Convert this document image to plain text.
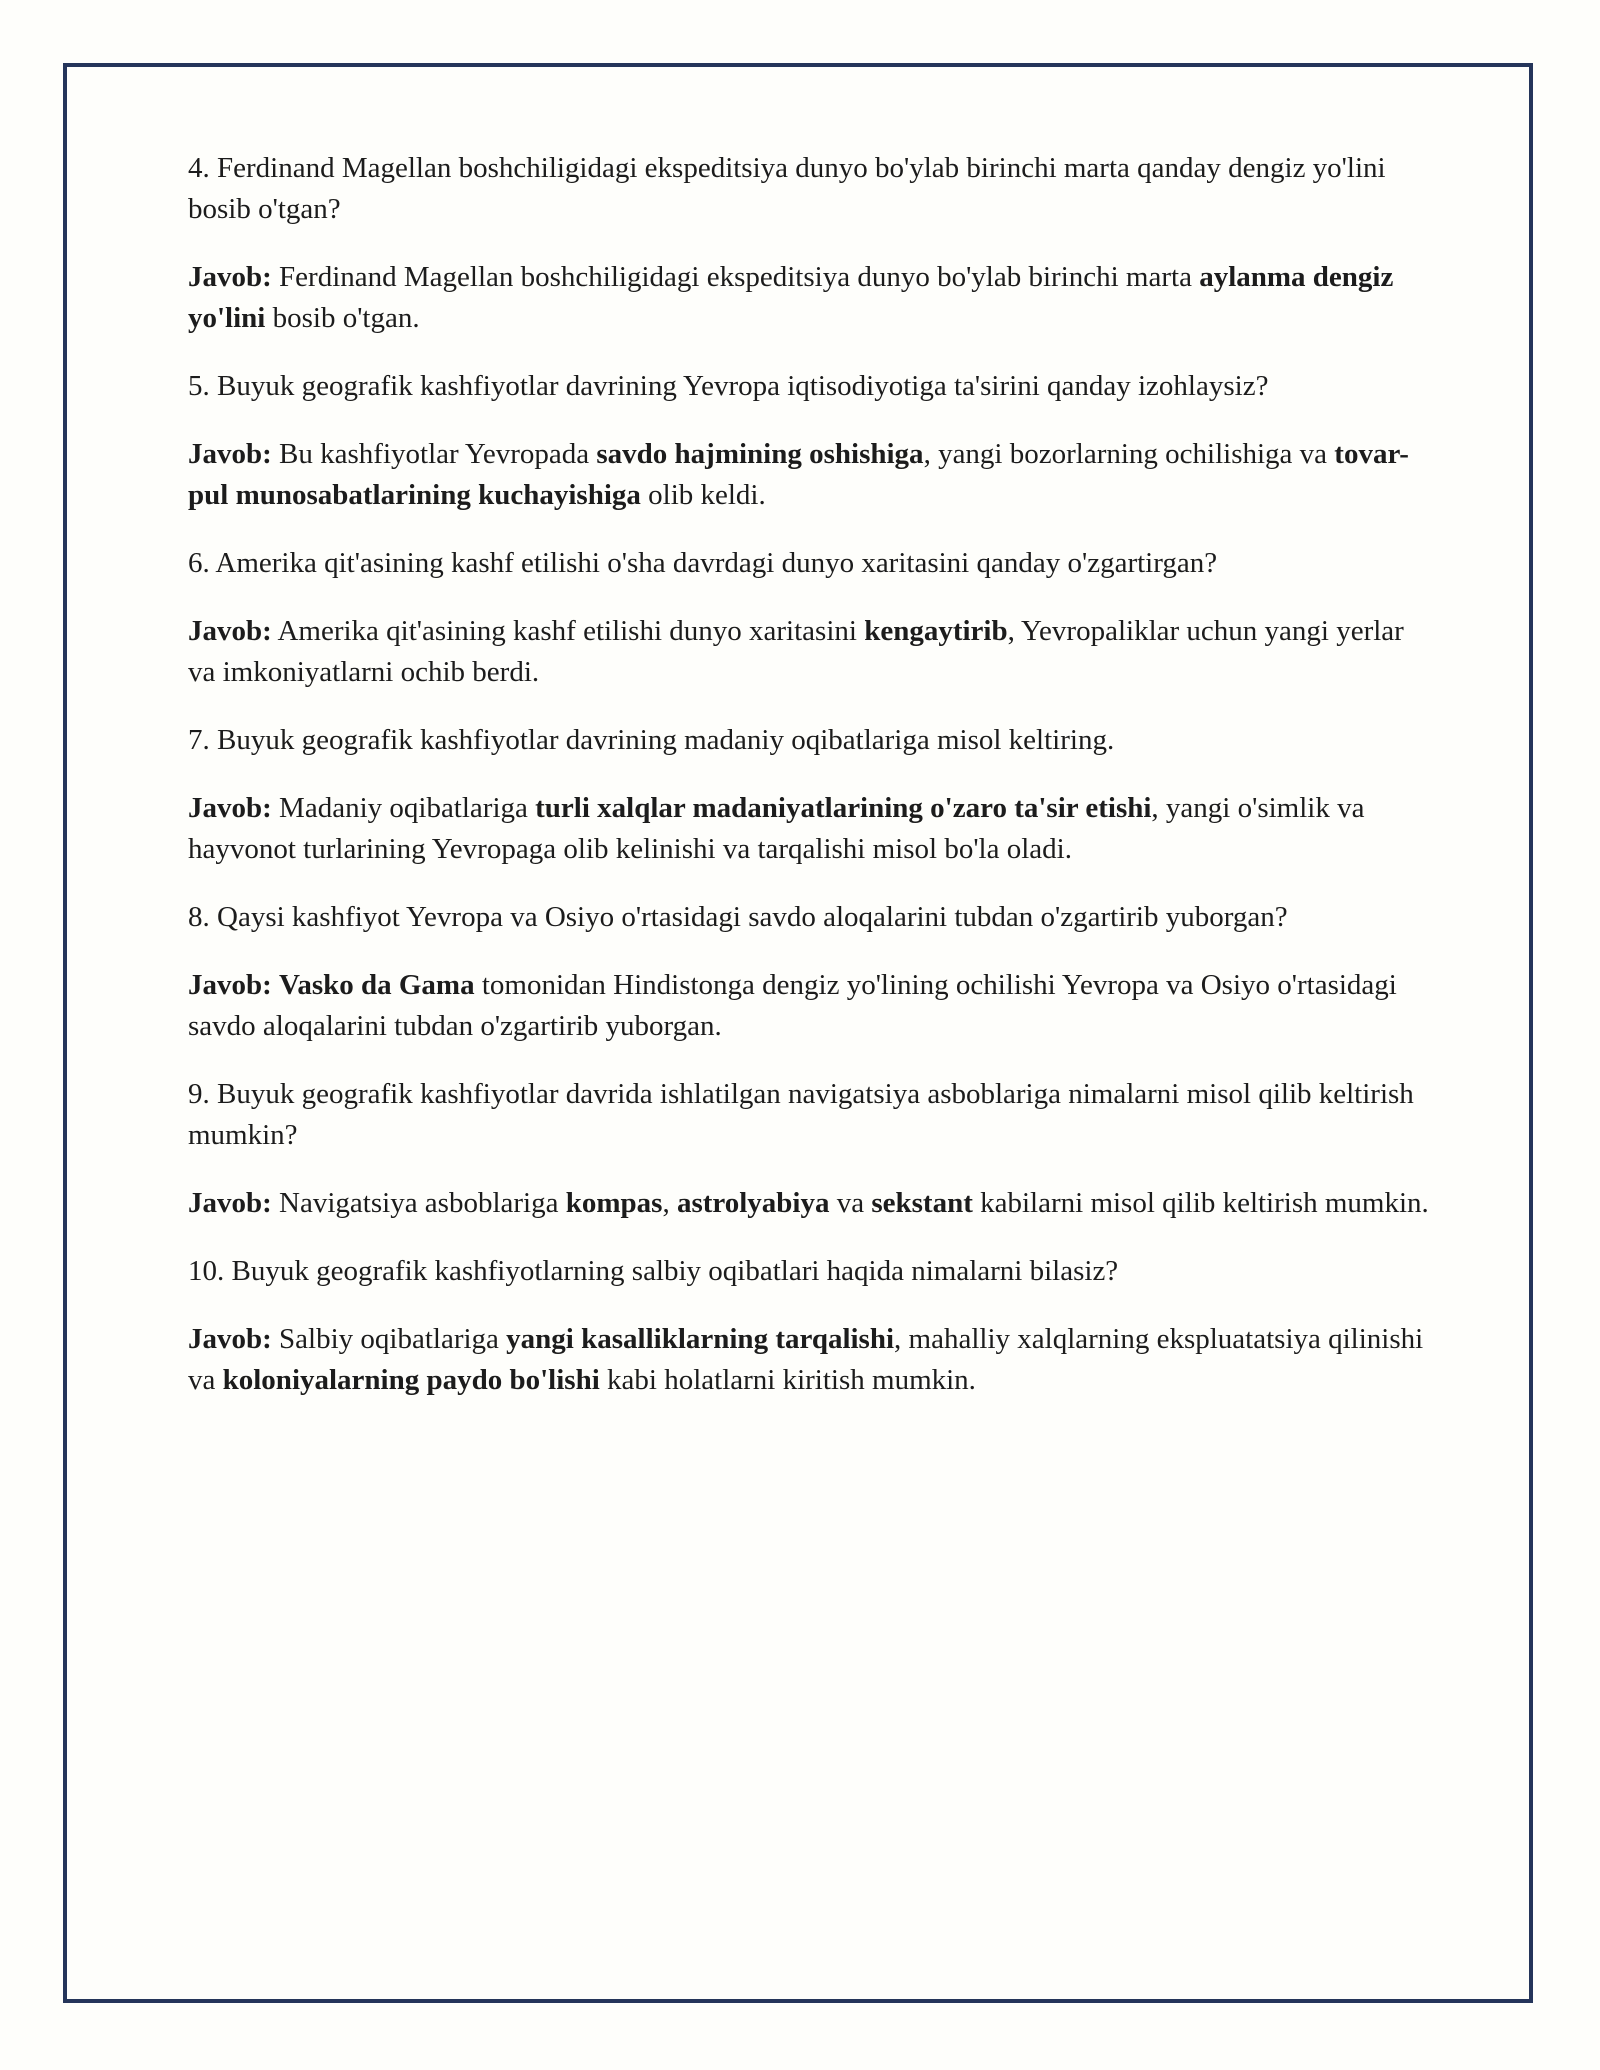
4. Ferdinand Magellan boshchiligidagi ekspeditsiya dunyo bo'ylab birinchi marta qanday dengiz yo'lini bosib o'tgan?

Javob: Ferdinand Magellan boshchiligidagi ekspeditsiya dunyo bo'ylab birinchi marta aylanma dengiz yo'lini bosib o'tgan.

5. Buyuk geografik kashfiyotlar davrining Yevropa iqtisodiyotiga ta'sirini qanday izohlaysiz?

Javob: Bu kashfiyotlar Yevropada savdo hajmining oshishiga, yangi bozorlarning ochilishiga va tovar-pul munosabatlarining kuchayishiga olib keldi.

6. Amerika qit'asining kashf etilishi o'sha davrdagi dunyo xaritasini qanday o'zgartirgan?

Javob: Amerika qit'asining kashf etilishi dunyo xaritasini kengaytirib, Yevropaliklar uchun yangi yerlar va imkoniyatlarni ochib berdi.

7. Buyuk geografik kashfiyotlar davrining madaniy oqibatlariga misol keltiring.

Javob: Madaniy oqibatlariga turli xalqlar madaniyatlarining o'zaro ta'sir etishi, yangi o'simlik va hayvonot turlarining Yevropaga olib kelinishi va tarqalishi misol bo'la oladi.

8. Qaysi kashfiyot Yevropa va Osiyo o'rtasidagi savdo aloqalarini tubdan o'zgartirib yuborgan?

Javob: Vasko da Gama tomonidan Hindistonga dengiz yo'lining ochilishi Yevropa va Osiyo o'rtasidagi savdo aloqalarini tubdan o'zgartirib yuborgan.

9. Buyuk geografik kashfiyotlar davrida ishlatilgan navigatsiya asboblariga nimalarni misol qilib keltirish mumkin?

Javob: Navigatsiya asboblariga kompas, astrolyabiya va sekstant kabilarni misol qilib keltirish mumkin.

10. Buyuk geografik kashfiyotlarning salbiy oqibatlari haqida nimalarni bilasiz?

Javob: Salbiy oqibatlariga yangi kasalliklarning tarqalishi, mahalliy xalqlarning ekspluatatsiya qilinishi va koloniyalarning paydo bo'lishi kabi holatlarni kiritish mumkin.
